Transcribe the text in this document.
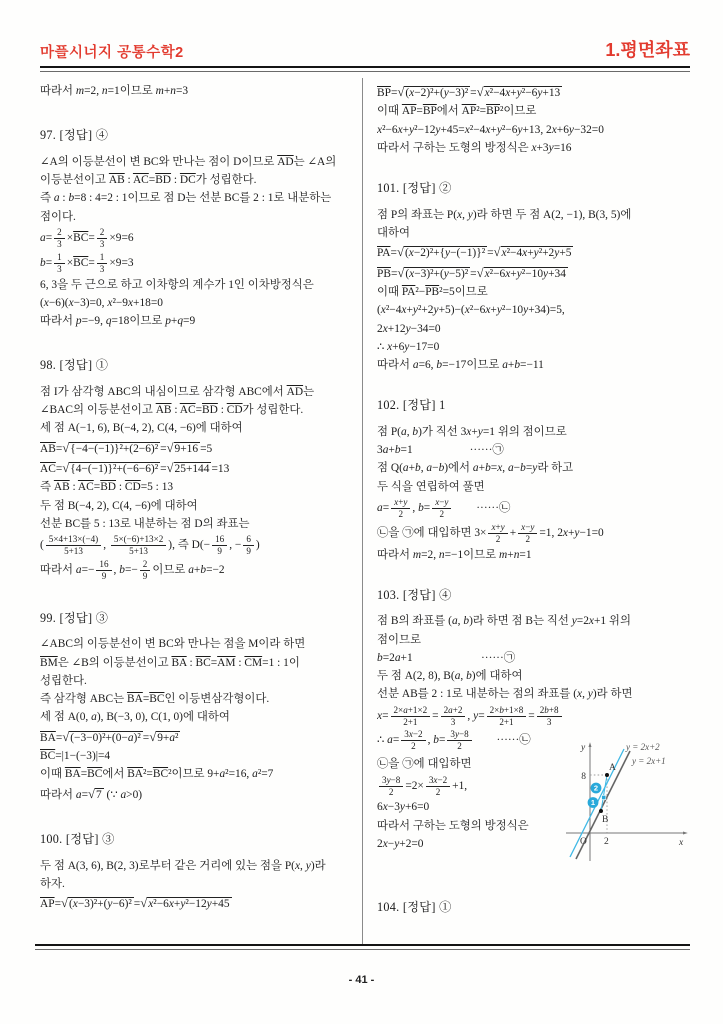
마플시너지 공통수학2	1.평면좌표
따라서 m=2, n=1이므로 m+n=3
97. [정답] ④
∠A의 이등분선이 변 BC와 만나는 점이 D이므로 $\overline{AD}$는 ∠A의
이등분선이고 $\overline{AB}$ : $\overline{AC}=\overline{BD}$ : $\overline{DC}$가 성립한다.
즉 a : b=8 : 4=2 : 1이므로 점 D는 선분 BC를 2 : 1로 내분하는
점이다.
$a= \frac{2}{3} \times\overline{BC}= \frac{2}{3} \times 9=6$
$b= \frac{1}{3} \times\overline{BC}= \frac{1}{3} \times 9=3$
6, 3을 두 근으로 하고 이차항의 계수가 1인 이차방정식은
(x−6)(x−3)=0, x²−9x+18=0
따라서 p=−9, q=18이므로 p+q=9
98. [정답] ①
점 I가 삼각형 ABC의 내심이므로 삼각형 ABC에서 $\overline{AD}$는
∠BAC의 이등분선이고 $\overline{AB}$ : $\overline{AC}=\overline{BD}$ : $\overline{CD}$가 성립한다.
세 점 A(−1, 6), B(−4, 2), C(4, −6)에 대하여
$\overline{AB}=√\{-4-(-1)\}^2+(2-6)^2 =√9+16 =5$
$\overline{AC}=√\{4-(-1)\}^2+(-6-6)^2 =√25+144 =13$
즉 $\overline{AB}$ : $\overline{AC}=\overline{BD}$ : $\overline{CD}=5$ : 13
두 점 B(−4, 2), C(4, −6)에 대하여
선분 BC를 5 : 13로 내분하는 점 D의 좌표는
( $\frac{5\times 4+13\times(-4)}{5+13}$ , $\frac{5\times(-6)+13\times 2}{5+13}$ ), 즉 $D(- \frac{16}{9}$ , − $\frac{6}{9}$ )
따라서 $a=- \frac{16}{9}$ , $b=- \frac{2}{9}$ 이므로 a+b=−2
99. [정답] ③
∠ABC의 이등분선이 변 BC와 만나는 점을 M이라 하면
$\overline{BM}$은 ∠B의 이등분선이고 $\overline{BA}$ : $\overline{BC}=\overline{AM}$ : $\overline{CM}=1$ : 1이
성립한다.
즉 삼각형 ABC는 $\overline{BA}=\overline{BC}$인 이등변삼각형이다.
세 점 A(0, a), B(−3, 0), C(1, 0)에 대하여
$\overline{BA}=√(-3-0)^2+(0-a)^2 =√9+a^2$
$\overline{BC}=|1-(-3)|=4$
이때 $\overline{BA}=\overline{BC}$에서 $\overline{BA}^2=\overline{BC}^2$이므로 9+a²=16, a²=7
따라서 a=√7 (∵ a>0)
100. [정답] ③
두 점 A(3, 6), B(2, 3)로부터 같은 거리에 있는 점을 P(x, y)라
하자.
$\overline{AP}=√(x-3)^2+(y-6)^2 =√x^2-6x+y^2-12y+45$
$\overline{BP}=√(x-2)^2+(y-3)^2 =√x^2-4x+y^2-6y+13$
이때 $\overline{AP}=\overline{BP}$에서 $\overline{AP}^2=\overline{BP}^2$이므로
x²−6x+y²−12y+45=x²−4x+y²−6y+13, 2x+6y−32=0
따라서 구하는 도형의 방정식은 x+3y=16
101. [정답] ②
점 P의 좌표는 P(x, y)라 하면 두 점 A(2, −1), B(3, 5)에
대하여
$\overline{PA}=√(x-2)^2+\{y-(-1)\}^2 =√x^2-4x+y^2+2y+5$
$\overline{PB}=√(x-3)^2+(y-5)^2 =√x^2-6x+y^2-10y+34$
이때 $\overline{PA}^2-\overline{PB}^2=5$이므로
(x²−4x+y²+2y+5)−(x²−6x+y²−10y+34)=5,
2x+12y−34=0
∴ x+6y−17=0
따라서 a=6, b=−17이므로 a+b=−11
102. [정답] 1
점 P(a, b)가 직선 3x+y=1 위의 점이므로
3a+b=1     ······㉠
점 Q(a+b, a−b)에서 a+b=x, a−b=y라 하고
두 식을 연립하여 풀면
$a= \frac{x+y}{2}$ , $b= \frac{x-y}{2}$   ······㉡
㉡을 ㉠에 대입하면 $3\times \frac{x+y}{2} + \frac{x-y}{2} =1$, 2x+y−1=0
따라서 m=2, n=−1이므로 m+n=1
103. [정답] ④
점 B의 좌표를 (a, b)라 하면 점 B는 직선 y=2x+1 위의
점이므로
b=2a+1      ······㉠
두 점 A(2, 8), B(a, b)에 대하여
선분 AB를 2 : 1로 내분하는 점의 좌표를 (x, y)라 하면
$x= \frac{2\times a+1\times 2}{2+1} = \frac{2a+2}{3}$ , $y= \frac{2\times b+1\times 8}{2+1} = \frac{2b+8}{3}$
∴ $a= \frac{3x-2}{2}$ , $b= \frac{3y-8}{2}$   ······㉡
㉡을 ㉠에 대입하면
$\frac{3y-8}{2} =2\times \frac{3x-2}{2} +1$,
6x−3y+6=0
따라서 구하는 도형의 방정식은
2x−y+2=0
2
1
A
B
8
2
O
y
x
y = 2x+2
y = 2x+1
104. [정답] ①
- 41 -
